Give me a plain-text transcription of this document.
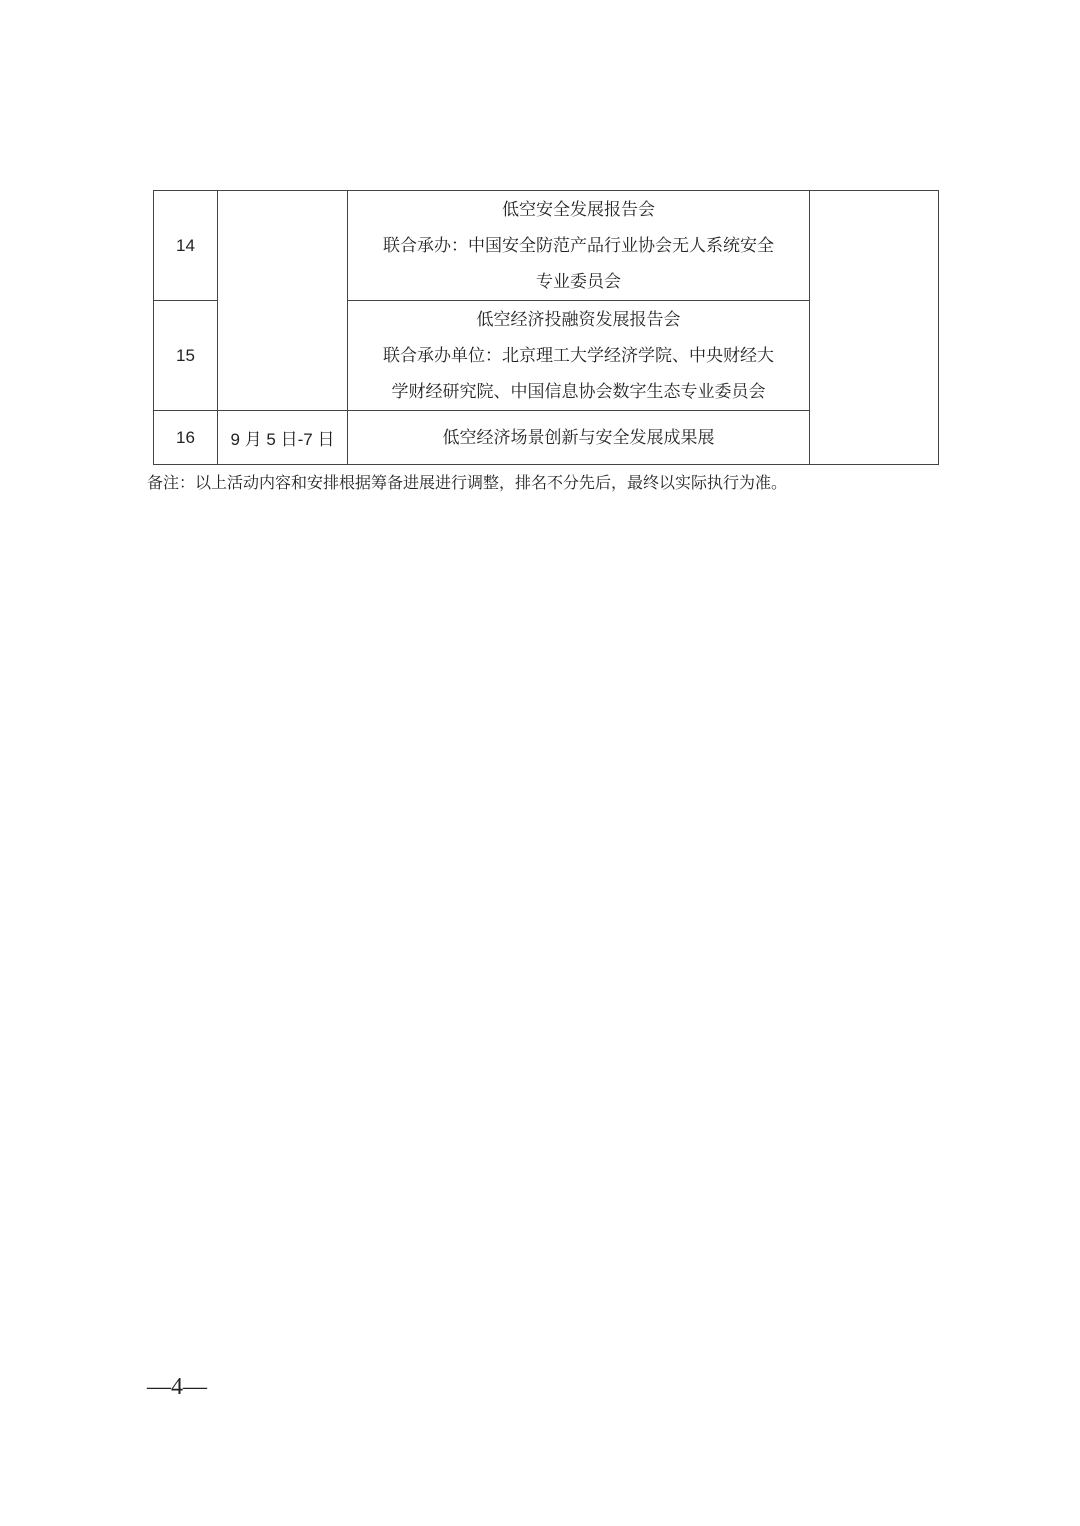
14		低空安全发展报告会
联合承办：中国安全防范产品行业协会无人系统安全
专业委员会	

15		低空经济投融资发展报告会
联合承办单位：北京理工大学经济学院、中央财经大
学财经研究院、中国信息协会数字生态专业委员会	

16	9 月 5 日-7 日	低空经济场景创新与安全发展成果展	
备注：以上活动内容和安排根据筹备进展进行调整，排名不分先后，最终以实际执行为准。
—4—
